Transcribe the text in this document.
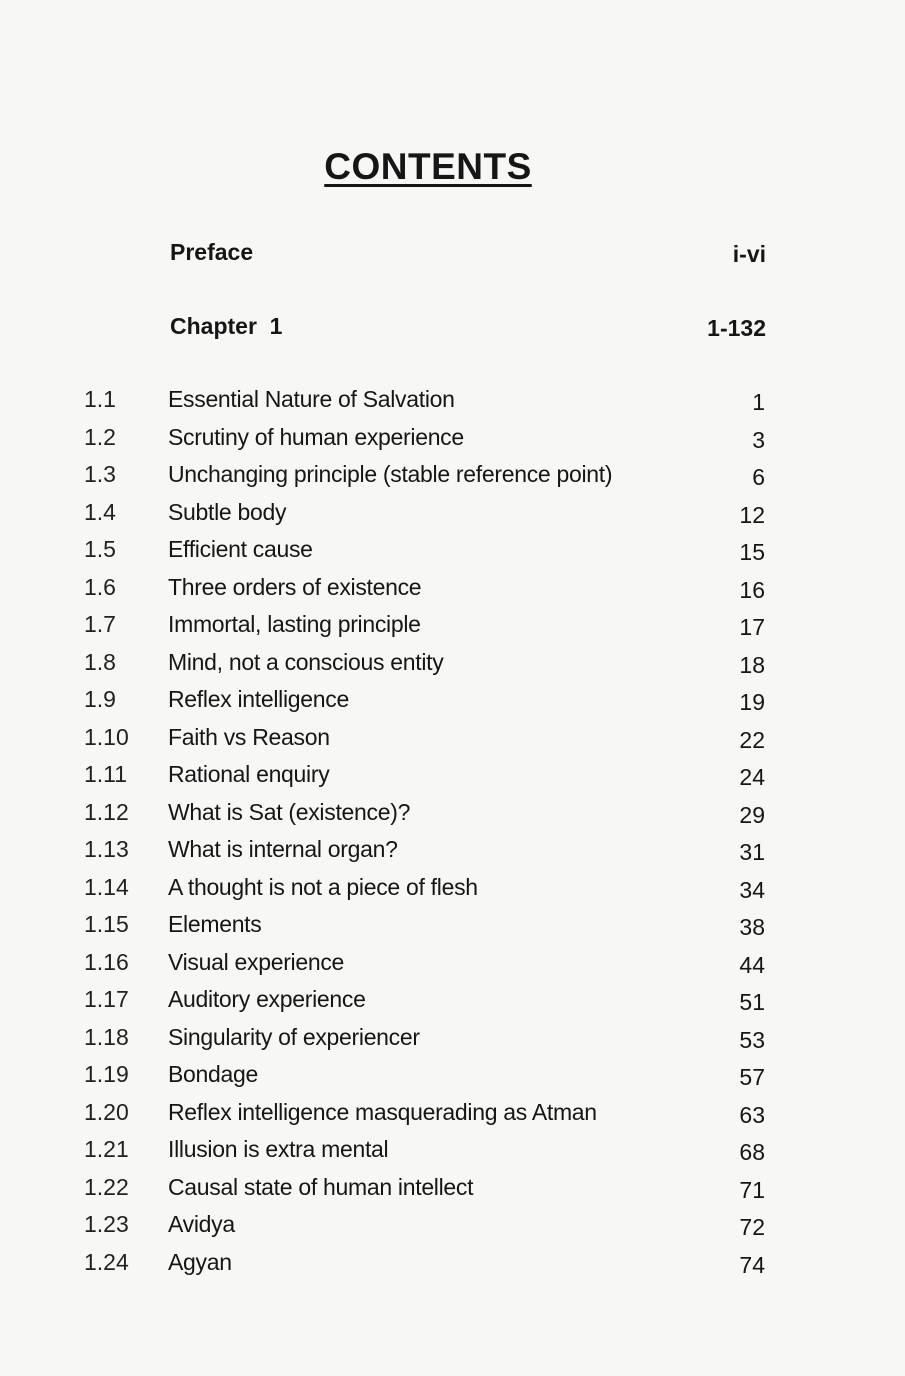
CONTENTS
Preface	i-vi
Chapter  1	1-132
1.1 Essential Nature of Salvation	1
1.2 Scrutiny of human experience	3
1.3 Unchanging principle (stable reference point)	6
1.4 Subtle body	12
1.5 Efficient cause	15
1.6 Three orders of existence	16
1.7 Immortal, lasting principle	17
1.8 Mind, not a conscious entity	18
1.9 Reflex intelligence	19
1.10 Faith vs Reason	22
1.11 Rational enquiry	24
1.12 What is Sat (existence)?	29
1.13 What is internal organ?	31
1.14 A thought is not a piece of flesh	34
1.15 Elements	38
1.16 Visual experience	44
1.17 Auditory experience	51
1.18 Singularity of experiencer	53
1.19 Bondage	57
1.20 Reflex intelligence masquerading as Atman	63
1.21 Illusion is extra mental	68
1.22 Causal state of human intellect	71
1.23 Avidya	72
1.24 Agyan	74
